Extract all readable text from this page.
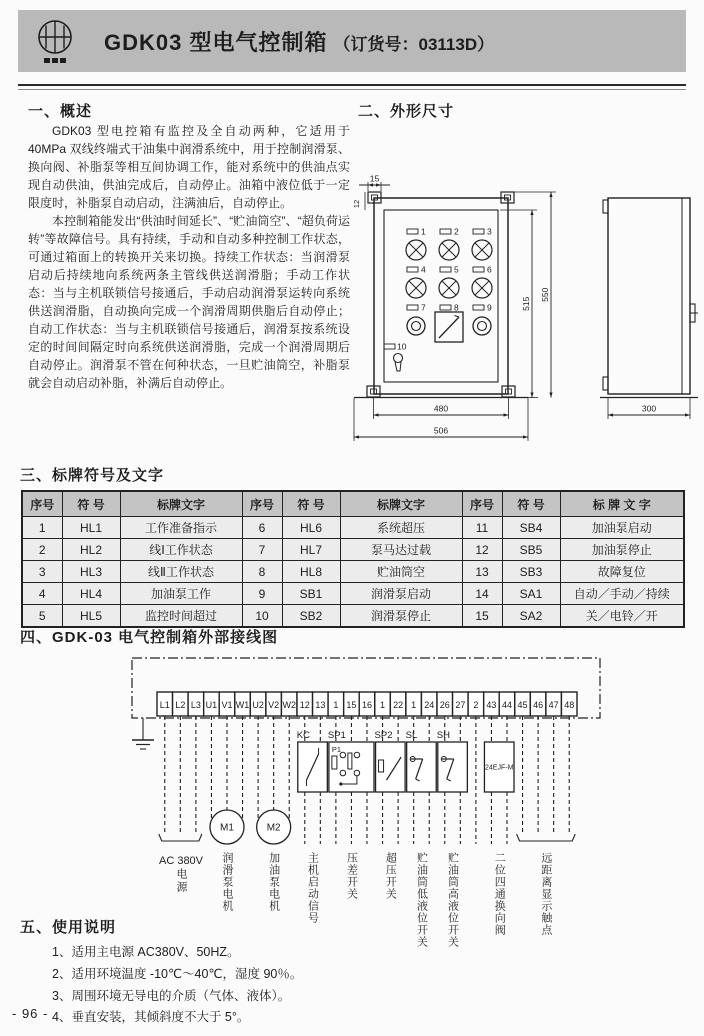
GDK03 型电气控制箱 （订货号：03113D）
一、概述

GDK03 型电控箱有监控及全自动两种，它适用于 40MPa 双线终端式干油集中润滑系统中，用于控制润滑泵、换向阀、补脂泵等相互间协调工作，能对系统中的供油点实现自动供油，供油完成后，自动停止。油箱中液位低于一定限度时，补脂泵自动启动，注满油后，自动停止。

本控制箱能发出“供油时间延长”、“贮油筒空”、“超负荷运转”等故障信号。具有持续，手动和自动多种控制工作状态，可通过箱面上的转换开关来切换。持续工作状态：当润滑泵启动后持续地向系统两条主管线供送润滑脂；手动工作状态：当与主机联锁信号接通后，手动启动润滑泵运转向系统供送润滑脂，自动换向完成一个润滑周期供脂后自动停止；自动工作状态：当与主机联锁信号接通后，润滑泵按系统设定的时间间隔定时向系统供送润滑脂，完成一个润滑周期后自动停止。润滑泵不管在何种状态，一旦贮油筒空，补脂泵就会自动启动补脂，补满后自动停止。

二、外形尺寸
1	2	3
4	5	6
7	8	9
10
15
12
515
550
480
506
300
三、标牌符号及文字
序号	符 号	标牌文字	序号	符 号	标牌文字	序号	符 号	标 牌 文 字
1	HL1	工作准备指示	6	HL6	系统超压	11	SB4	加油泵启动
2	HL2	线Ⅰ工作状态	7	HL7	泵马达过载	12	SB5	加油泵停止
3	HL3	线Ⅱ工作状态	8	HL8	贮油筒空	13	SB3	故障复位
4	HL4	加油泵工作	9	SB1	润滑泵启动	14	SA1	自动／手动／持续
5	HL5	监控时间超过	10	SB2	润滑泵停止	15	SA2	关／电铃／开
四、GDK-03 电气控制箱外部接线图
L1 L2 L3 U1 V1 W1 U2 V2 W2 12 13 1 15 16 1 22 1 24 26 27 2 43 44 45 46 47 48
M1	M2
KC SP1
P1
SP2 SL SH
24EJF-M
AC 380V
电源	润滑泵电机	加油泵电机 主机启动信号 压差开关 超压开关 贮油筒低液位开关 贮油筒高液位开关	二位四通换向阀	远距离显示触点
五、使用说明
1、适用主电源 AC380V、50HZ。
2、适用环境温度 -10℃～40℃，湿度 90％。
3、周围环境无导电的介质（气体、液体）。
4、垂直安装，其倾斜度不大于 5°。
- 96 -
